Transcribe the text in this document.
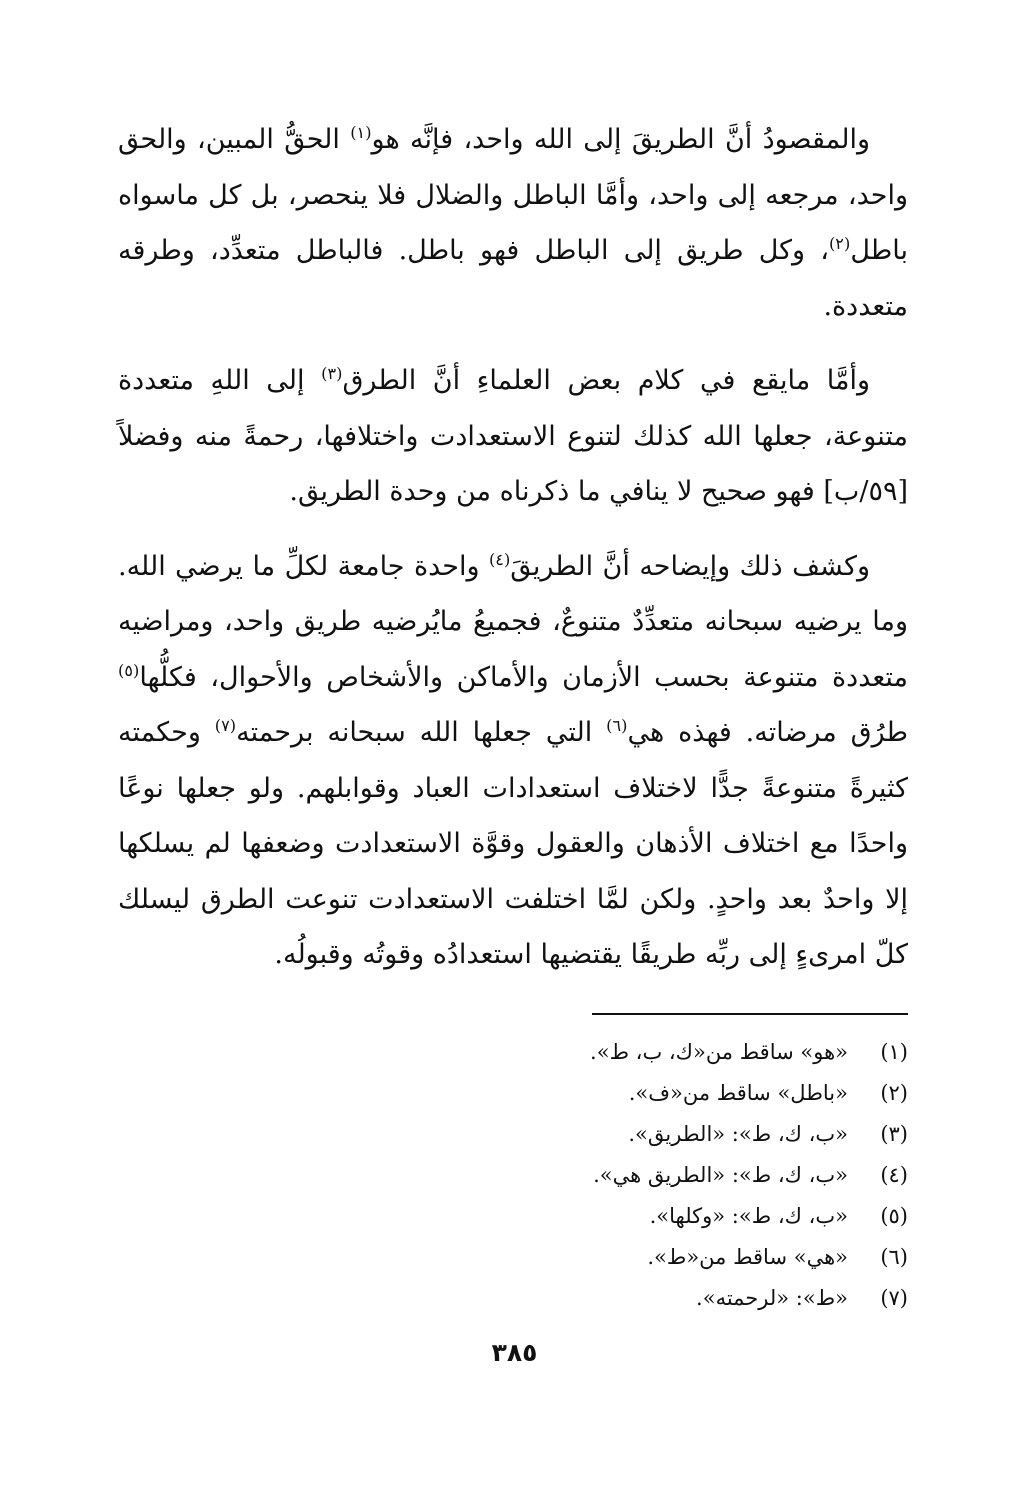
والمقصودُ أنَّ الطريقَ إلى الله واحد، فإنَّه هو$^{(١)}$ الحقُّ المبين، والحق واحد، مرجعه إلى واحد، وأمَّا الباطل والضلال فلا ينحصر، بل كل ماسواه باطل$^{(٢)}$، وكل طريق إلى الباطل فهو باطل. فالباطل متعدِّد، وطرقه متعددة.

وأمَّا مايقع في كلام بعض العلماءِ أنَّ الطرق$^{(٣)}$ إلى اللهِ متعددة متنوعة، جعلها الله كذلك لتنوع الاستعدادت واختلافها، رحمةً منه وفضلاً [٥٩/ب] فهو صحيح لا ينافي ما ذكرناه من وحدة الطريق.

وكشف ذلك وإيضاحه أنَّ الطريقَ$^{(٤)}$ واحدة جامعة لكلِّ ما يرضي الله. وما يرضيه سبحانه متعدِّدٌ متنوعٌ، فجميعُ مايُرضيه طريق واحد، ومراضيه متعددة متنوعة بحسب الأزمان والأماكن والأشخاص والأحوال، فكلُّها$^{(٥)}$ طرُق مرضاته. فهذه هي$^{(٦)}$ التي جعلها الله سبحانه برحمته$^{(٧)}$ وحكمته كثيرةً متنوعةً جدًّا لاختلاف استعدادات العباد وقوابلهم. ولو جعلها نوعًا واحدًا مع اختلاف الأذهان والعقول وقوَّة الاستعدادت وضعفها لم يسلكها إلا واحدٌ بعد واحدٍ. ولكن لمَّا اختلفت الاستعدادت تنوعت الطرق ليسلك كلّ امرىءٍ إلى ربِّه طريقًا يقتضيها استعدادُه وقوتُه وقبولُه.

(١)«هو» ساقط من«ك، ب، ط».
(٢)«باطل» ساقط من«ف».
(٣)«ب، ك، ط»: «الطريق».
(٤)«ب، ك، ط»: «الطريق هي».
(٥)«ب، ك، ط»: «وكلها».
(٦)«هي» ساقط من«ط».
(٧)«ط»: «لرحمته».
٣٨٥
